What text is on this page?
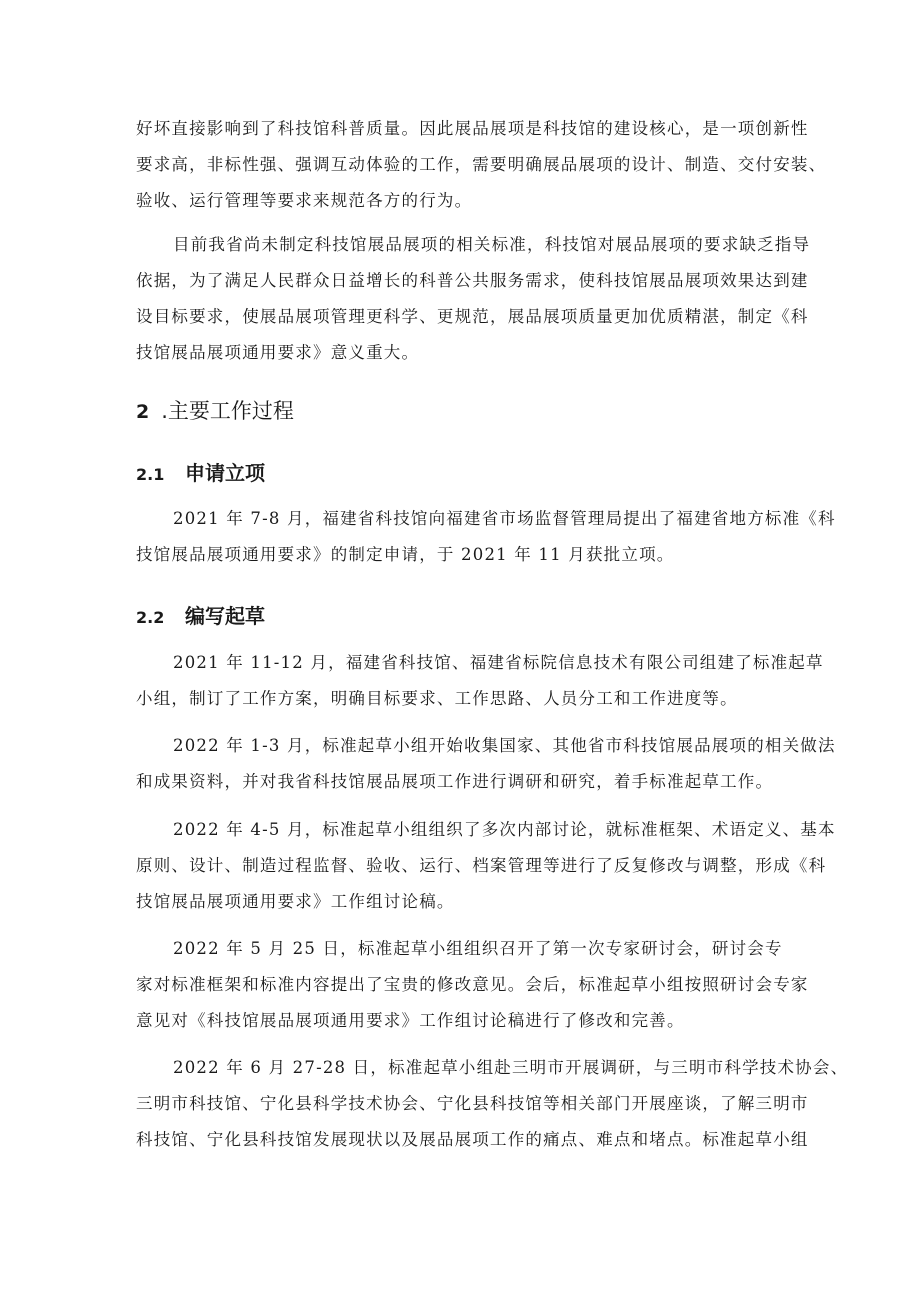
好坏直接影响到了科技馆科普质量。因此展品展项是科技馆的建设核心，是一项创新性
要求高，非标性强、强调互动体验的工作，需要明确展品展项的设计、制造、交付安装、
验收、运行管理等要求来规范各方的行为。

目前我省尚未制定科技馆展品展项的相关标准，科技馆对展品展项的要求缺乏指导
依据，为了满足人民群众日益增长的科普公共服务需求，使科技馆展品展项效果达到建
设目标要求，使展品展项管理更科学、更规范，展品展项质量更加优质精湛，制定《科
技馆展品展项通用要求》意义重大。

2 .主要工作过程
2.1 申请立项

2021 年 7-8 月，福建省科技馆向福建省市场监督管理局提出了福建省地方标准《科
技馆展品展项通用要求》的制定申请，于 2021 年 11 月获批立项。

2.2 编写起草

2021 年 11-12 月，福建省科技馆、福建省标院信息技术有限公司组建了标准起草
小组，制订了工作方案，明确目标要求、工作思路、人员分工和工作进度等。

2022 年 1-3 月，标准起草小组开始收集国家、其他省市科技馆展品展项的相关做法
和成果资料，并对我省科技馆展品展项工作进行调研和研究，着手标准起草工作。

2022 年 4-5 月，标准起草小组组织了多次内部讨论，就标准框架、术语定义、基本
原则、设计、制造过程监督、验收、运行、档案管理等进行了反复修改与调整，形成《科
技馆展品展项通用要求》工作组讨论稿。

2022 年 5 月 25 日，标准起草小组组织召开了第一次专家研讨会，研讨会专
家对标准框架和标准内容提出了宝贵的修改意见。会后，标准起草小组按照研讨会专家
意见对《科技馆展品展项通用要求》工作组讨论稿进行了修改和完善。

2022 年 6 月 27-28 日，标准起草小组赴三明市开展调研，与三明市科学技术协会、
三明市科技馆、宁化县科学技术协会、宁化县科技馆等相关部门开展座谈，了解三明市
科技馆、宁化县科技馆发展现状以及展品展项工作的痛点、难点和堵点。标准起草小组
